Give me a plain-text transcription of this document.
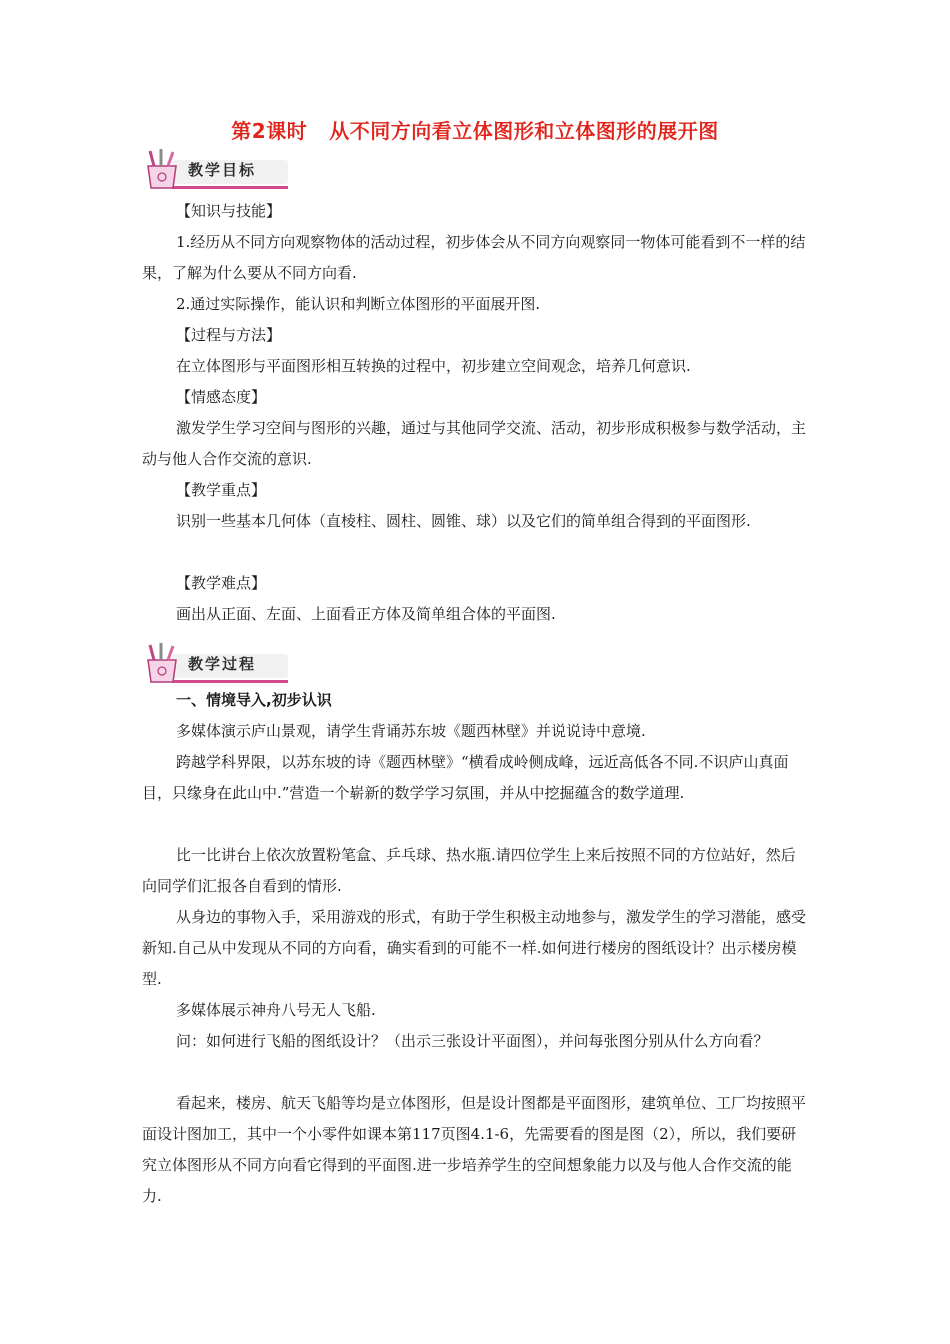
第2课时 从不同方向看立体图形和立体图形的展开图
教学目标

【知识与技能】

1.经历从不同方向观察物体的活动过程，初步体会从不同方向观察同一物体可能看到不一样的结果，了解为什么要从不同方向看.

2.通过实际操作，能认识和判断立体图形的平面展开图.

【过程与方法】

在立体图形与平面图形相互转换的过程中，初步建立空间观念，培养几何意识.

【情感态度】

激发学生学习空间与图形的兴趣，通过与其他同学交流、活动，初步形成积极参与数学活动，主动与他人合作交流的意识.

【教学重点】

识别一些基本几何体（直棱柱、圆柱、圆锥、球）以及它们的简单组合得到的平面图形.

【教学难点】

画出从正面、左面、上面看正方体及简单组合体的平面图.

教学过程

一、情境导入,初步认识

多媒体演示庐山景观，请学生背诵苏东坡《题西林壁》并说说诗中意境.

跨越学科界限，以苏东坡的诗《题西林壁》“横看成岭侧成峰，远近高低各不同.不识庐山真面目，只缘身在此山中.”营造一个崭新的数学学习氛围，并从中挖掘蕴含的数学道理.

比一比讲台上依次放置粉笔盒、乒乓球、热水瓶.请四位学生上来后按照不同的方位站好，然后向同学们汇报各自看到的情形.

从身边的事物入手，采用游戏的形式，有助于学生积极主动地参与，激发学生的学习潜能，感受新知.自己从中发现从不同的方向看，确实看到的可能不一样.如何进行楼房的图纸设计？出示楼房模型.

多媒体展示神舟八号无人飞船.

问：如何进行飞船的图纸设计？（出示三张设计平面图），并问每张图分别从什么方向看？

看起来，楼房、航天飞船等均是立体图形，但是设计图都是平面图形，建筑单位、工厂均按照平面设计图加工，其中一个小零件如课本第117页图4.1-6，先需要看的图是图（2），所以，我们要研究立体图形从不同方向看它得到的平面图.进一步培养学生的空间想象能力以及与他人合作交流的能力.
